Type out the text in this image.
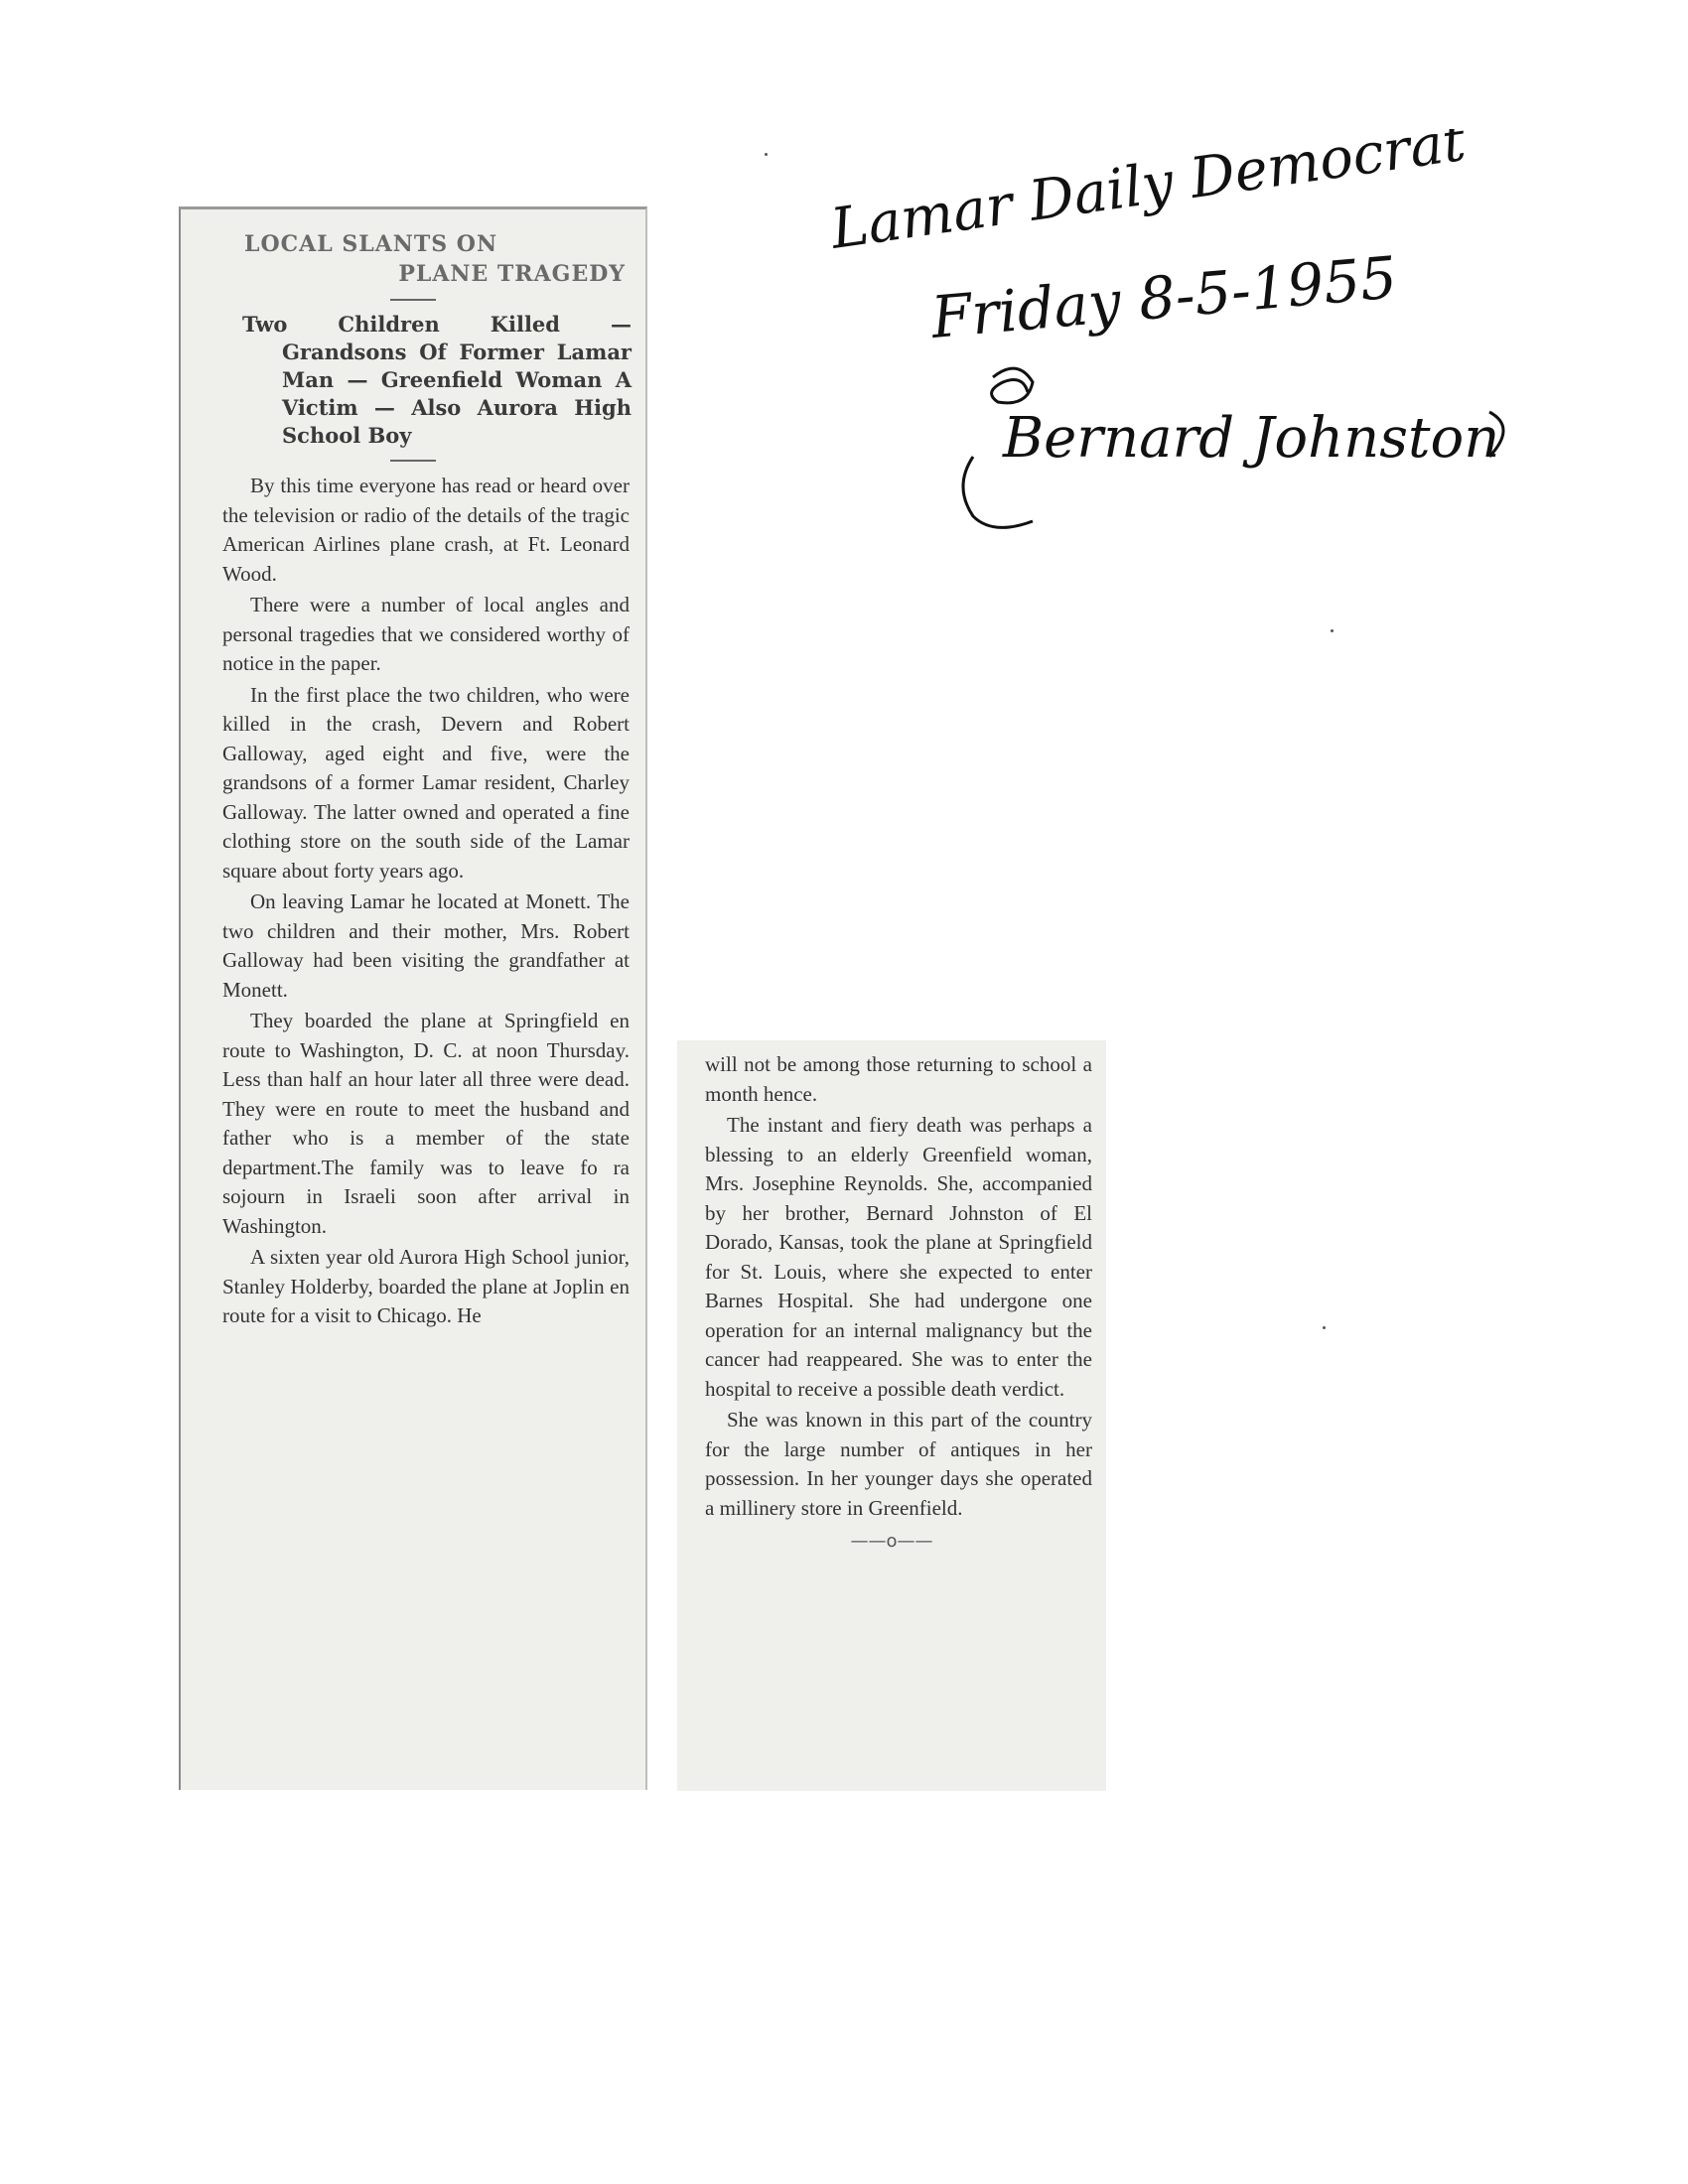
LOCAL SLANTS ON
PLANE TRAGEDY
Two Children Killed — Grandsons Of Former Lamar Man — Greenfield Woman A Victim — Also Aurora High School Boy

By this time everyone has read or heard over the television or radio of the details of the tragic American Airlines plane crash, at Ft. Leonard Wood.

There were a number of local angles and personal tragedies that we considered worthy of notice in the paper.

In the first place the two children, who were killed in the crash, Devern and Robert Galloway, aged eight and five, were the grandsons of a former Lamar resident, Charley Galloway. The latter owned and operated a fine clothing store on the south side of the Lamar square about forty years ago.

On leaving Lamar he located at Monett. The two children and their mother, Mrs. Robert Galloway had been visiting the grandfather at Monett.

They boarded the plane at Springfield en route to Washington, D. C. at noon Thursday. Less than half an hour later all three were dead. They were en route to meet the husband and father who is a member of the state department.The family was to leave fo ra sojourn in Israeli soon after arrival in Washington.

A sixten year old Aurora High School junior, Stanley Holderby, boarded the plane at Joplin en route for a visit to Chicago. He

will not be among those returning to school a month hence.

The instant and fiery death was perhaps a blessing to an elderly Greenfield woman, Mrs. Josephine Reynolds. She, accompanied by her brother, Bernard Johnston of El Dorado, Kansas, took the plane at Springfield for St. Louis, where she expected to enter Barnes Hospital. She had undergone one operation for an internal malignancy but the cancer had reappeared. She was to enter the hospital to receive a possible death verdict.

She was known in this part of the country for the large number of antiques in her possession. In her younger days she operated a millinery store in Greenfield.

——o——
Lamar Daily Democrat
Friday 8-5-1955
Bernard Johnston
